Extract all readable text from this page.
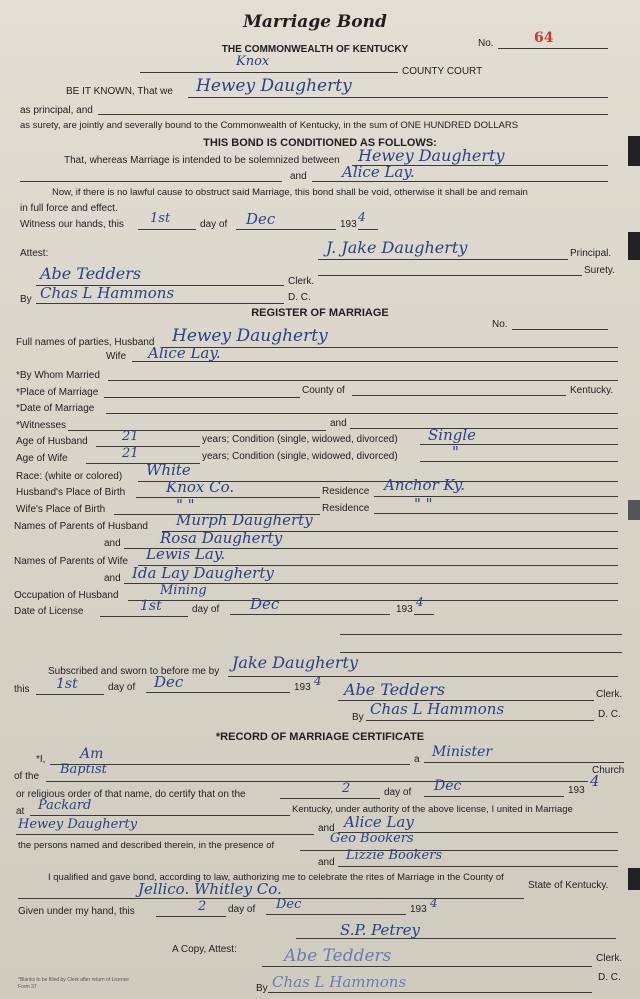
Marriage Bond
THE COMMONWEALTH OF KENTUCKY
No.	64
Knox
COUNTY COURT
BE IT KNOWN, That we Hewey Daugherty
as principal, and
as surety, are jointly and severally bound to the Commonwealth of Kentucky, in the sum of ONE HUNDRED DOLLARS
THIS BOND IS CONDITIONED AS FOLLOWS:
That, whereas Marriage is intended to be solemnized between Hewey Daugherty
and Alice Lay.
Now, if there is no lawful cause to obstruct said Marriage, this bond shall be void, otherwise it shall be and remain
in full force and effect.
Witness our hands, this 1st	day of Dec	193
4
Attest:	J. Jake Daugherty	Principal.
Surety.
Abe Tedders	Clerk.
By Chas L Hammons	D. C.
REGISTER OF MARRIAGE
No.
Full names of parties, Husband Hewey Daugherty
Wife Alice Lay.
*By Whom Married
*Place of Marriage	County of	Kentucky.
*Date of Marriage
*Witnesses	and
Age of Husband	21	years; Condition (single, widowed, divorced) Single
Age of Wife	21	years; Condition (single, widowed, divorced)	"
Race: (white or colored) White
Husband's Place of Birth	Knox Co.	Residence Anchor Ky.
Wife's Place of Birth	" "	Residence	" "
Names of Parents of Husband Murph Daugherty
and	Rosa Daugherty
Names of Parents of Wife Lewis Lay.
and Ida Lay Daugherty
Occupation of Husband	Mining
Date of License	1st	day of Dec	193
4
Subscribed and sworn to before me by Jake Daugherty
this 1st	day of Dec	193 4 Abe Tedders	Clerk.
By Chas L Hammons	D. C.
*RECORD OF MARRIAGE CERTIFICATE
*I, Am	a Minister
of the Baptist	Church
or religious order of that name, do certify that on the	2	day of Dec	193
4
at Packard	Kentucky, under authority of the above license, I united in Marriage
Hewey Daugherty	and Alice Lay
the persons named and described therein, in the presence of	Geo Bookers
and Lizzie Bookers
I qualified and gave bond, according to law, authorizing me to celebrate the rites of Marriage in the County of
Jellico. Whitley Co.	State of Kentucky.
Given under my hand, this	2 day of Dec	193 4
S.P. Petrey
A Copy, Attest:	Abe Tedders	Clerk.
By Chas L Hammons	D. C.
*Blanks to be filled by Clerk after return of License
Form 37
